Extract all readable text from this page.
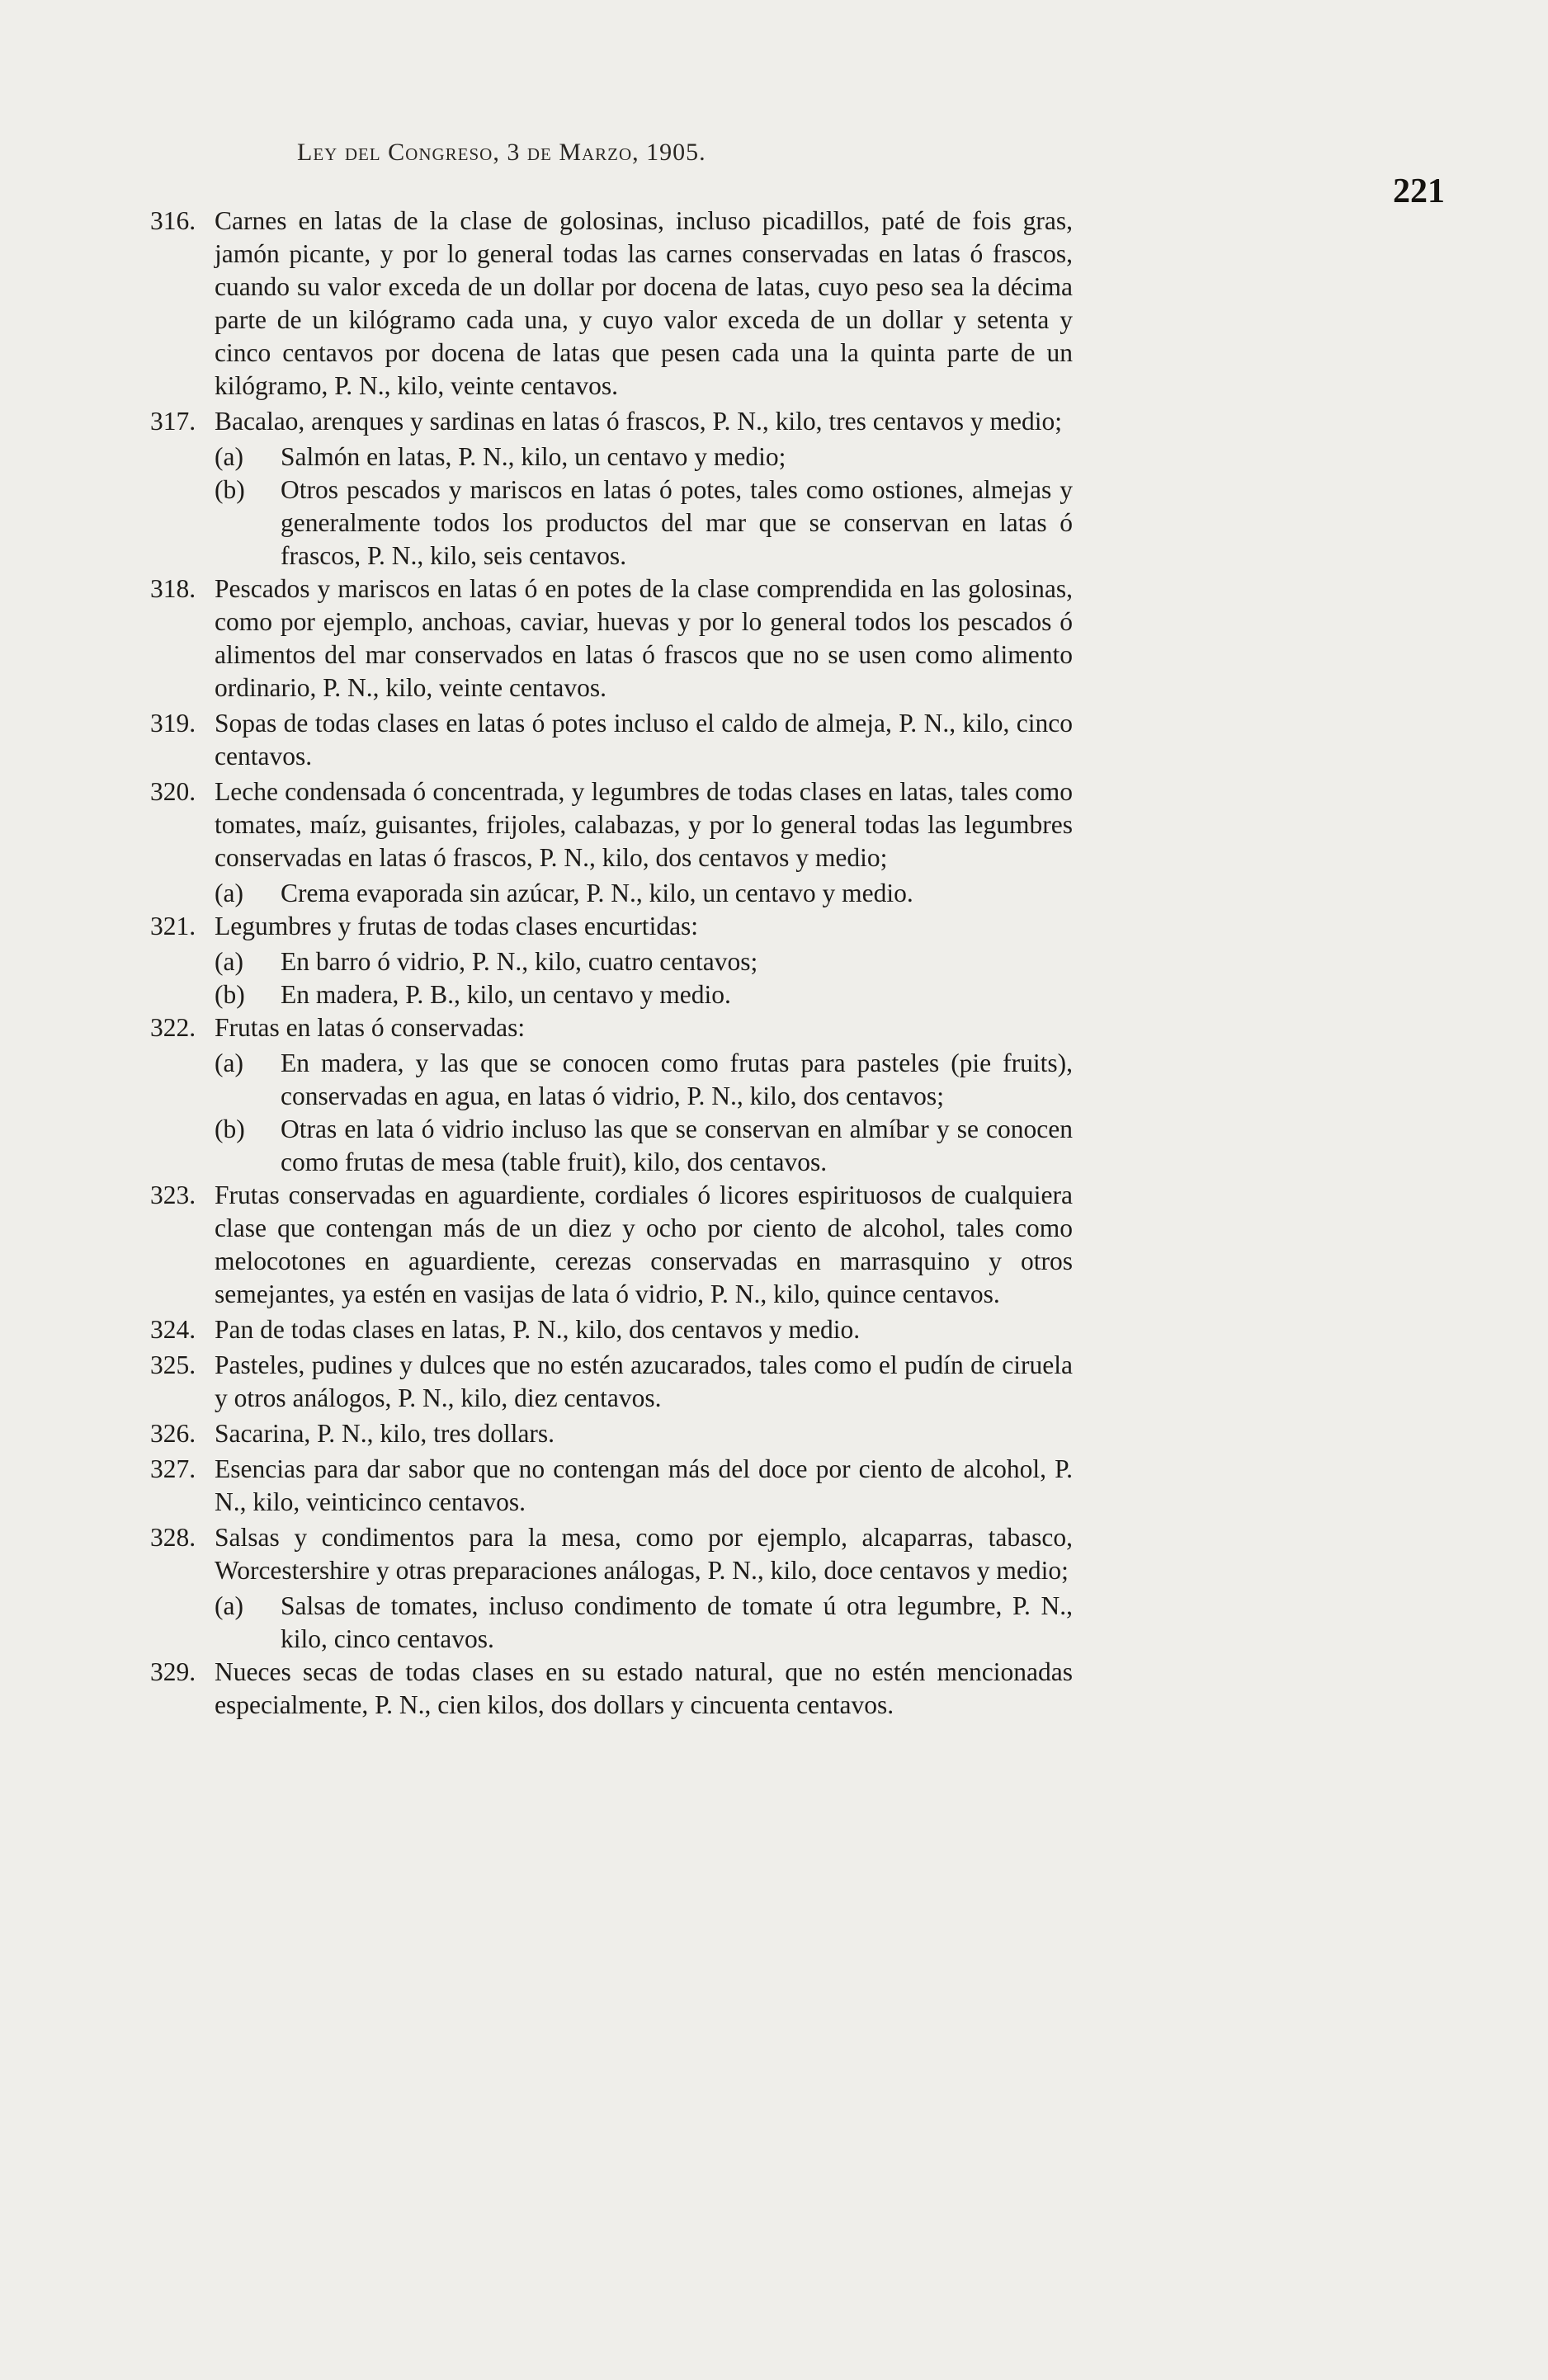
Ley del Congreso, 3 de Marzo, 1905.
221
316. Carnes en latas de la clase de golosinas, incluso picadillos, paté de fois gras, jamón picante, y por lo general todas las carnes conservadas en latas ó frascos, cuando su valor exceda de un dollar por docena de latas, cuyo peso sea la décima parte de un kilógramo cada una, y cuyo valor exceda de un dollar y setenta y cinco centavos por docena de latas que pesen cada una la quinta parte de un kilógramo, P. N., kilo, veinte centavos.
317. Bacalao, arenques y sardinas en latas ó frascos, P. N., kilo, tres centavos y medio;
(a)	Salmón en latas, P. N., kilo, un centavo y medio;
(b)	Otros pescados y mariscos en latas ó potes, tales como ostiones, almejas y generalmente todos los productos del mar que se conservan en latas ó frascos, P. N., kilo, seis centavos.
318. Pescados y mariscos en latas ó en potes de la clase comprendida en las golosinas, como por ejemplo, anchoas, caviar, huevas y por lo general todos los pescados ó alimentos del mar conservados en latas ó frascos que no se usen como alimento ordinario, P. N., kilo, veinte centavos.
319. Sopas de todas clases en latas ó potes incluso el caldo de almeja, P. N., kilo, cinco centavos.
320. Leche condensada ó concentrada, y legumbres de todas clases en latas, tales como tomates, maíz, guisantes, frijoles, calabazas, y por lo general todas las legumbres conservadas en latas ó frascos, P. N., kilo, dos centavos y medio;
(a)	Crema evaporada sin azúcar, P. N., kilo, un centavo y medio.
321. Legumbres y frutas de todas clases encurtidas:
(a)	En barro ó vidrio, P. N., kilo, cuatro centavos;
(b)	En madera, P. B., kilo, un centavo y medio.
322. Frutas en latas ó conservadas:
(a)	En madera, y las que se conocen como frutas para pasteles (pie fruits), conservadas en agua, en latas ó vidrio, P. N., kilo, dos centavos;
(b)	Otras en lata ó vidrio incluso las que se conservan en almíbar y se conocen como frutas de mesa (table fruit), kilo, dos centavos.
323. Frutas conservadas en aguardiente, cordiales ó licores espirituosos de cualquiera clase que contengan más de un diez y ocho por ciento de alcohol, tales como melocotones en aguardiente, cerezas conservadas en marrasquino y otros semejantes, ya estén en vasijas de lata ó vidrio, P. N., kilo, quince centavos.
324. Pan de todas clases en latas, P. N., kilo, dos centavos y medio.
325. Pasteles, pudines y dulces que no estén azucarados, tales como el pudín de ciruela y otros análogos, P. N., kilo, diez centavos.
326. Sacarina, P. N., kilo, tres dollars.
327. Esencias para dar sabor que no contengan más del doce por ciento de alcohol, P. N., kilo, veinticinco centavos.
328. Salsas y condimentos para la mesa, como por ejemplo, alcaparras, tabasco, Worcestershire y otras preparaciones análogas, P. N., kilo, doce centavos y medio;
(a)	Salsas de tomates, incluso condimento de tomate ú otra legumbre, P. N., kilo, cinco centavos.
329. Nueces secas de todas clases en su estado natural, que no estén mencionadas especialmente, P. N., cien kilos, dos dollars y cincuenta centavos.
